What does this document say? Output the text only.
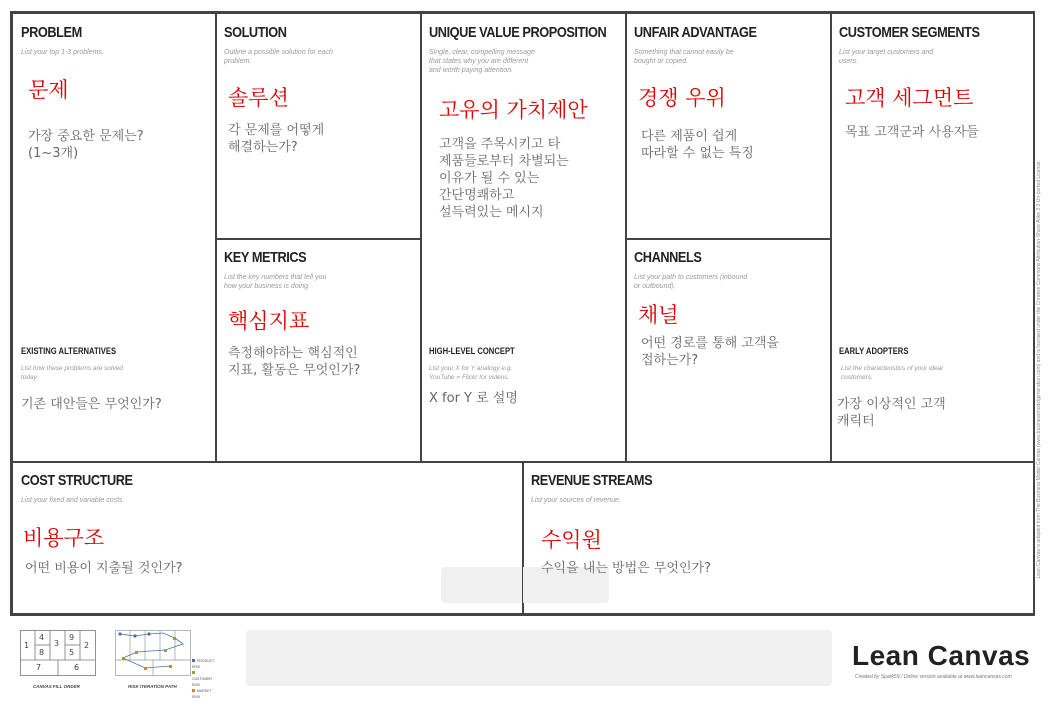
PROBLEM
List your top 1-3 problems.
문제
가장 중요한 문제는?
(1~3개)
EXISTING ALTERNATIVES
List how these problems are solved
today.
기존 대안들은 무엇인가?
SOLUTION
Outline a possible solution for each
problem.
솔루션
각 문제를 어떻게
해결하는가?
KEY METRICS
List the key numbers that tell you
how your business is doing.
핵심지표
측정해야하는 핵심적인
지표, 활동은 무엇인가?
UNIQUE VALUE PROPOSITION
Single, clear, compelling message
that states why you are different
and worth paying attention.
고유의 가치제안
고객을 주목시키고 타
제품들로부터 차별되는
이유가 될 수 있는
간단명쾌하고
설득력있는 메시지
HIGH-LEVEL CONCEPT
List your X for Y analogy e.g.
YouTube = Flickr for videos.
X for Y 로 설명
UNFAIR ADVANTAGE
Something that cannot easily be
bought or copied.
경쟁 우위
다른 제품이 쉽게
따라할 수 없는 특징
CHANNELS
List your path to customers (inbound
or outbound).
채널
어떤 경로를 통해 고객을
접하는가?
CUSTOMER SEGMENTS
List your target customers and
users.
고객 세그먼트
목표 고객군과 사용자들
EARLY ADOPTERS
List the characteristics of your ideal
customers.
가장 이상적인 고객
캐릭터
COST STRUCTURE
List your fixed and variable costs.
비용구조
어떤 비용이 지출될 것인가?
REVENUE STREAMS
List your sources of revenue.
수익원
수익을 내는 방법은 무엇인가?	Lean Canvas is adapted from The Business Model Canvas (www.businessmodelgeneration.com) and is licensed under the Creative Commons Attribution-Share Alike 3.0 Un-ported License.
1
4
3
9
2
8	5
7	6
CANVAS FILL ORDER
PRODUCT RISK
CUSTOMER RISK
MARKET RISK
RISK ITERATION PATH
Lean Canvas
Created by Spark59 / Online version available at www.leancanvas.com
